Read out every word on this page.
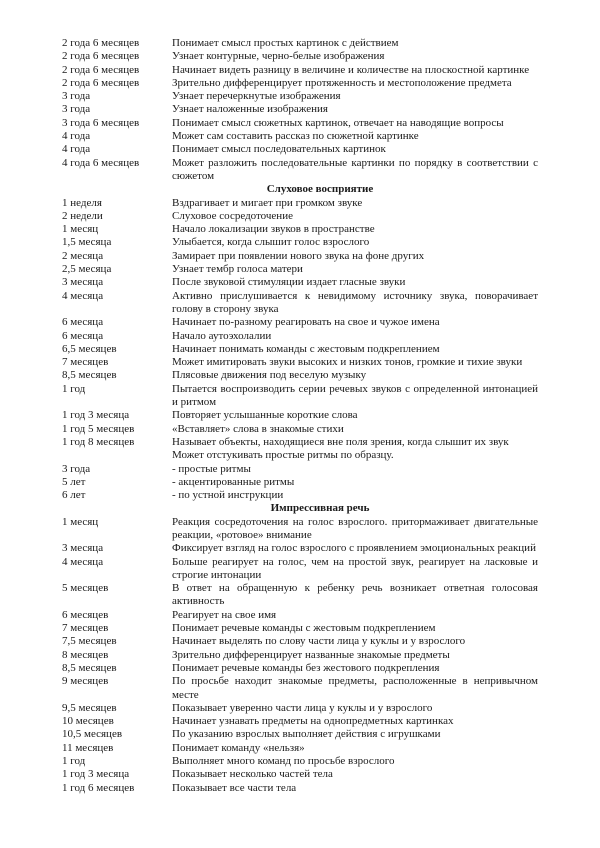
2 года 6 месяцев	Понимает смысл простых картинок с действием
2 года 6 месяцев	Узнает контурные, черно-белые изображения
2 года 6 месяцев	Начинает видеть разницу в величине и количестве на плоскостной картинке
2 года 6 месяцев	Зрительно дифференцирует протяженность и местоположение предмета
3 года	Узнает перечеркнутые изображения
3 года	Узнает наложенные изображения
3 года 6 месяцев	Понимает смысл сюжетных картинок, отвечает на наводящие вопросы
4 года	Может сам составить рассказ по сюжетной картинке
4 года	Понимает смысл последовательных картинок
4 года 6 месяцев	Может разложить последовательные картинки по порядку в соответствии с сюжетом
Слуховое восприятие
1 неделя	Вздрагивает и мигает при громком звуке
2 недели	Слуховое сосредоточение
1 месяц	Начало локализации звуков в пространстве
1,5 месяца	Улыбается, когда слышит голос взрослого
2 месяца	Замирает при появлении нового звука на фоне других
2,5 месяца	Узнает тембр голоса матери
3 месяца	После звуковой стимуляции издает гласные звуки
4 месяца	Активно прислушивается к невидимому источнику звука, поворачивает голову в сторону звука
6 месяца	Начинает по-разному реагировать на свое и чужое имена
6 месяца	Начало аутоэхолалии
6,5 месяцев	Начинает понимать команды с жестовым подкреплением
7 месяцев	Может имитировать звуки высоких и низких тонов, громкие и тихие звуки
8,5 месяцев	Плясовые движения под веселую музыку
1 год	Пытается воспроизводить серии речевых звуков с определенной интонацией и ритмом
1 год 3 месяца	Повторяет услышанные короткие слова
1 год 5 месяцев	«Вставляет» слова в знакомые стихи
1 год 8 месяцев	Называет объекты, находящиеся вне поля зрения, когда слышит их звук
Может отстукивать простые ритмы по образцу.
3 года	- простые ритмы
5 лет	- акцентированные ритмы
6 лет	- по устной инструкции
Импрессивная речь
1 месяц	Реакция сосредоточения на голос взрослого. притормаживает двигательные реакции, «ротовое» внимание
3 месяца	Фиксирует взгляд на голос взрослого с проявлением эмоциональных реакций
4 месяца	Больше реагирует на голос, чем на простой звук, реагирует на ласковые и строгие интонации
5 месяцев	В ответ на обращенную к ребенку речь возникает ответная голосовая активность
6 месяцев	Реагирует на свое имя
7 месяцев	Понимает речевые команды с жестовым подкреплением
7,5 месяцев	Начинает выделять по слову части лица у куклы и у взрослого
8 месяцев	Зрительно дифференцирует названные знакомые предметы
8,5 месяцев	Понимает речевые команды без жестового подкрепления
9 месяцев	По просьбе находит знакомые предметы, расположенные в непривычном месте
9,5 месяцев	Показывает уверенно части лица у куклы и у взрослого
10 месяцев	Начинает узнавать предметы на однопредметных картинках
10,5 месяцев	По указанию взрослых выполняет действия с игрушками
11 месяцев	Понимает команду «нельзя»
1 год	Выполняет много команд по просьбе взрослого
1 год 3 месяца	Показывает несколько частей тела
1 год 6 месяцев	Показывает все части тела
